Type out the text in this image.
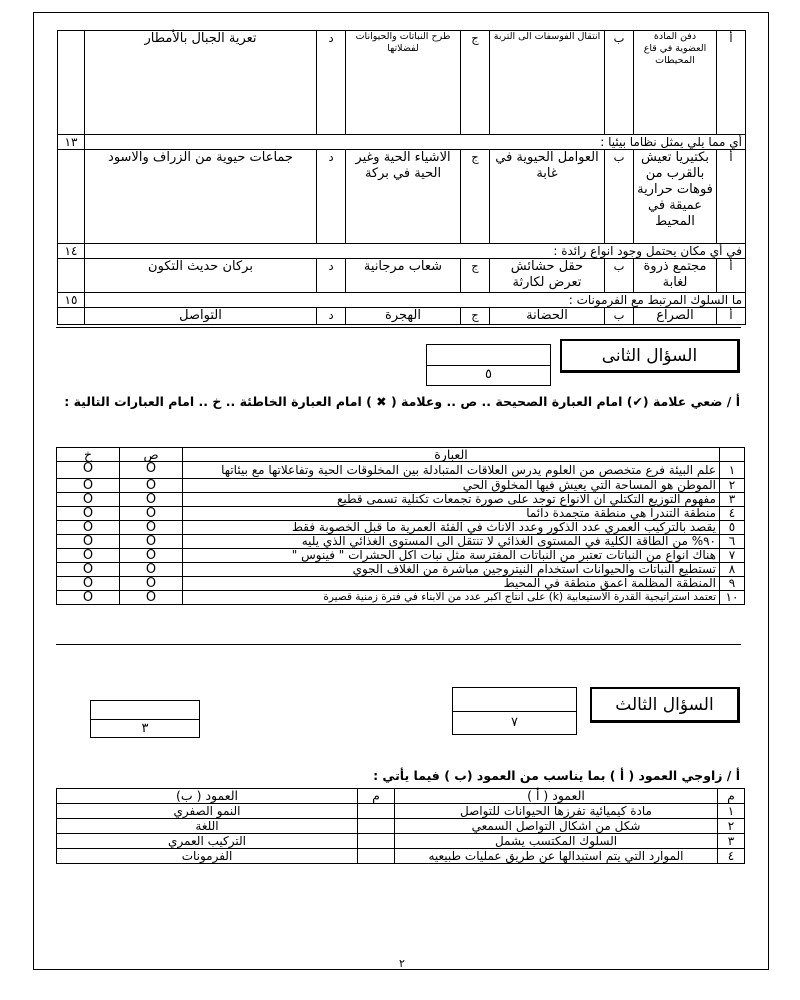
أ	دفن المادة العضوية في قاع المحيطات	ب	انتقال الفوسفات الى التربة	ج	طرح النباتات والحيوانات لفضلاتها	د	تعرية الجبال بالأمطار	
أي مما يلي يمثل نظاما بيئيا :								١٣
أ	بكتيريا تعيش بالقرب من فوهات حرارية عميقة في المحيط	ب	العوامل الحيوية في غابة	ج	الاشياء الحية وغير الحية في بركة	د	جماعات حيوية من الزراف والاسود	
في أي مكان يحتمل وجود انواع رائدة :								١٤
أ	مجتمع ذروة لغابة	ب	حقل حشائش تعرض لكارثة	ج	شعاب مرجانية	د	بركان حديث التكون	
ما السلوك المرتبط مع الفرمونات :								١٥
أ	الصراع	ب	الحضانة	ج	الهجرة	د	التواصل	
السؤال الثانى
٥
أ / ضعي علامة (✔) امام العبارة الصحيحة .. ص .. وعلامة ( ✖ ) امام العبارة الخاطئة .. خ .. امام العبارات التالية :
	العبارة	ص	خ
١	علم البيئة فرع متخصص من العلوم يدرس العلاقات المتبادلة بين المخلوقات الحية وتفاعلاتها مع بيئاتها	O	O
٢	الموطن هو المساحة التي يعيش فيها المخلوق الحي	O	O
٣	مفهوم التوزيع التكتلي ان الانواع توجد على صورة تجمعات تكتلية تسمى قطيع	O	O
٤	منطقة التندرا هي منطقة متجمدة دائما	O	O
٥	يقصد بالتركيب العمري عدد الذكور وعدد الاناث في الفئة العمرية ما قبل الخصوبة فقط	O	O
٦	٩٠% من الطاقة الكلية في المستوى الغذائي لا تنتقل الى المستوى الغذائي الذي يليه	O	O
٧	هناك انواع من النباتات تعتبر من النباتات المفترسة مثل نبات آكل الحشرات " فينوس "	O	O
٨	تستطيع النباتات والحيوانات استخدام النيتروجين مباشرة من الغلاف الجوي	O	O
٩	المنطقة المظلمة اعمق منطقة في المحيط	O	O
١٠	تعتمد استراتيجية القدرة الاستيعابية (k) على انتاج اكبر عدد من الابناء في فترة زمنية قصيرة	O	O
السؤال الثالث
٧
٣
أ / زاوجي العمود ( أ ) بما يناسب من العمود (ب ) فيما يأتي :
م	العمود ( أ )	م	العمود ( ب)
١	مادة كيميائية تفرزها الحيوانات للتواصل		النمو الصفري
٢	شكل من اشكال التواصل السمعي		اللغة
٣	السلوك المكتسب يشمل		التركيب العمري
٤	الموارد التي يتم استبدالها عن طريق عمليات طبيعيه		الفرمونات
٢
